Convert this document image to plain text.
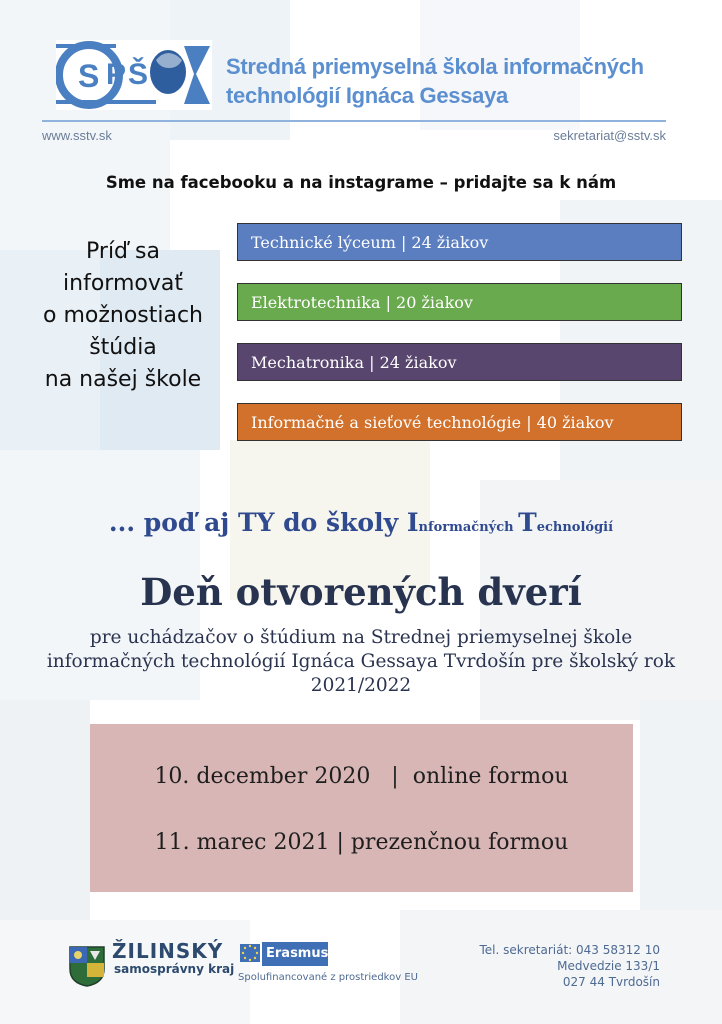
S P Š	Stredná priemyselná škola informačných
technológií Ignáca Gessaya
www.sstv.sk	sekretariat@sstv.sk
Sme na facebooku a na instagrame – pridajte sa k nám
Príď sa
informovať
o možnostiach
štúdia
na našej škole
Technické lýceum | 24 žiakov
Elektrotechnika | 20 žiakov
Mechatronika | 24 žiakov
Informačné a sieťové technológie | 40 žiakov
... poď aj TY do školy Informačných Technológií
Deň otvorených dverí
pre uchádzačov o štúdium na Strednej priemyselnej škole informačných technológií Ignáca Gessaya Tvrdošín pre školský rok 2021/2022
10. december 2020   |  online formou
11. marec 2021 | prezenčnou formou
ŽILINSKÝ
samosprávny kraj
Erasmus+
Spolufinancované z prostriedkov EU
Tel. sekretariát: 043 58312 10
Medvedzie 133/1
027 44 Tvrdošín
